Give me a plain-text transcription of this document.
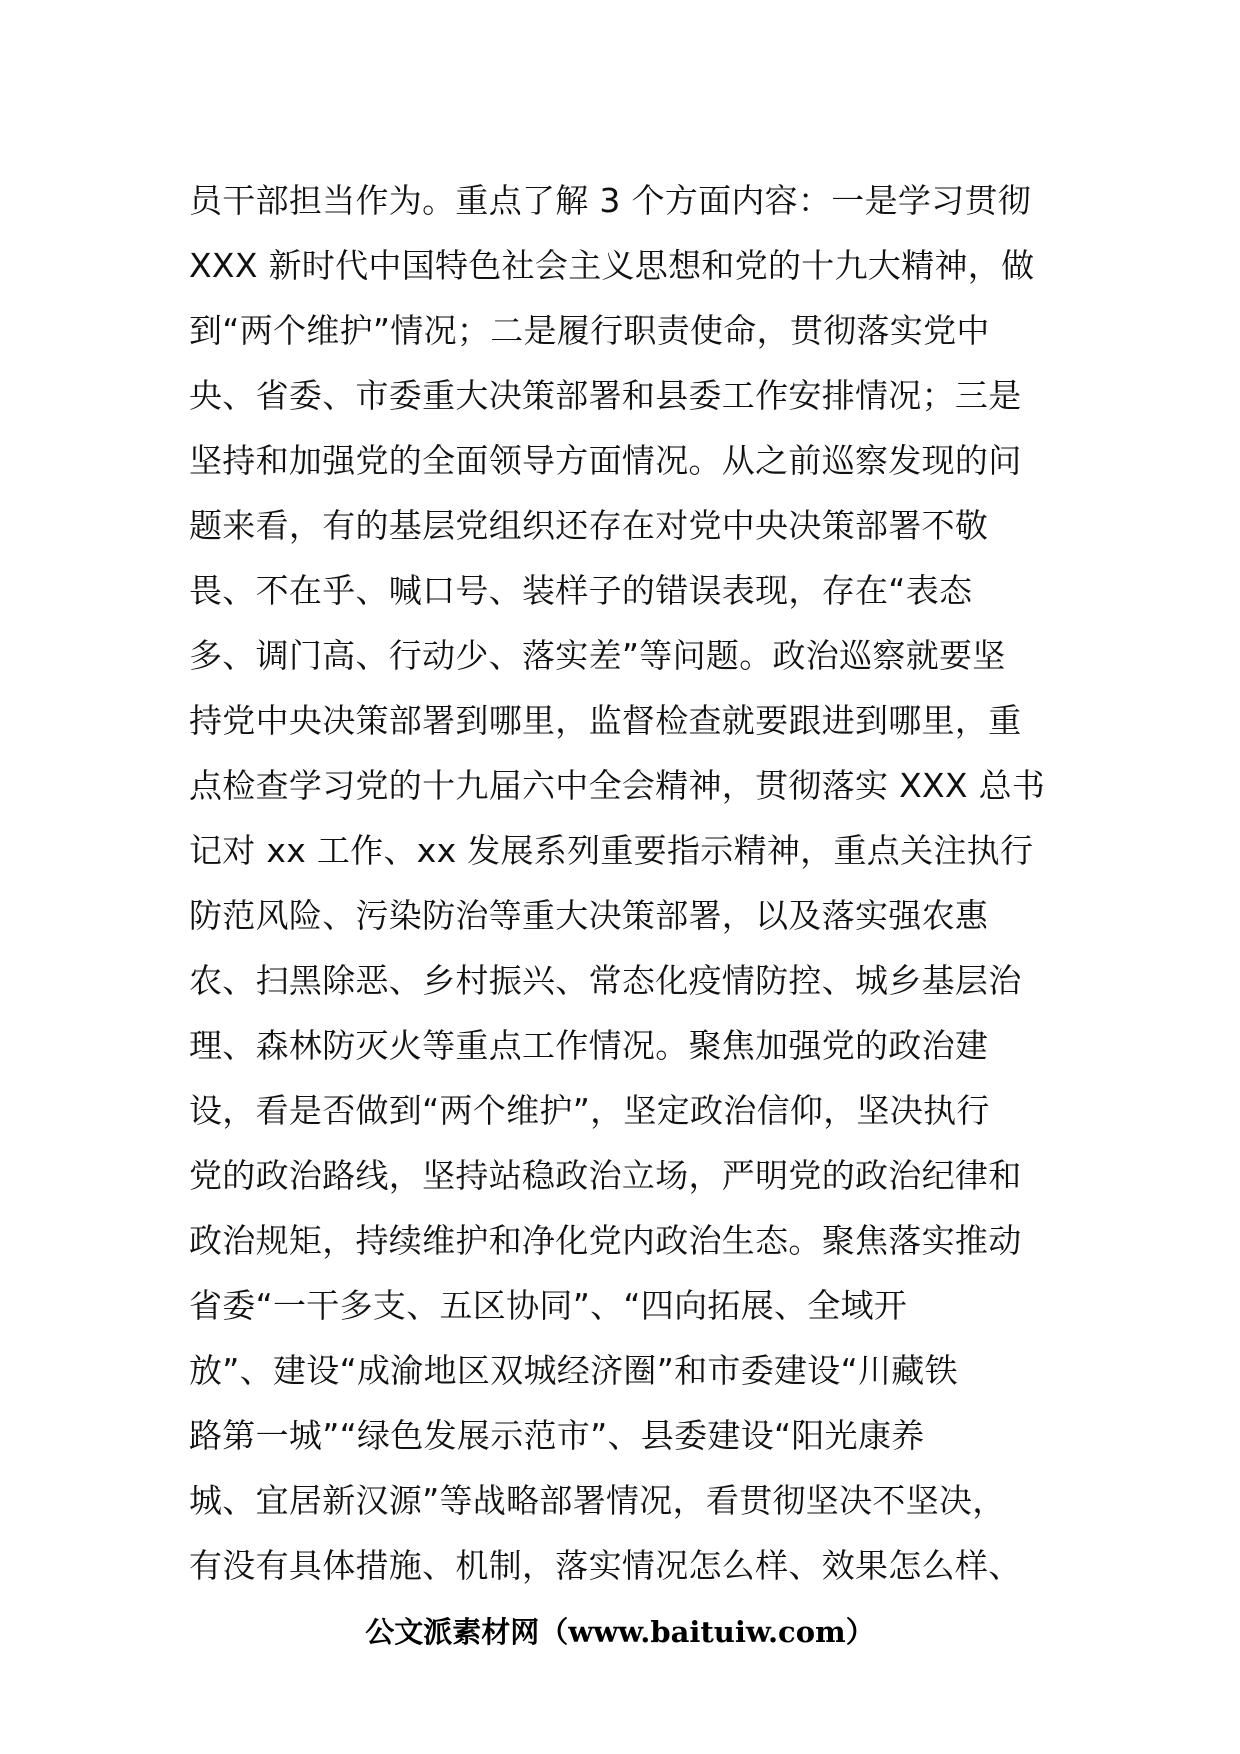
员干部担当作为。重点了解 3 个方面内容：一是学习贯彻
XXX 新时代中国特色社会主义思想和党的十九大精神，做
到“两个维护”情况；二是履行职责使命，贯彻落实党中
央、省委、市委重大决策部署和县委工作安排情况；三是
坚持和加强党的全面领导方面情况。从之前巡察发现的问
题来看，有的基层党组织还存在对党中央决策部署不敬
畏、不在乎、喊口号、装样子的错误表现，存在“表态
多、调门高、行动少、落实差”等问题。政治巡察就要坚
持党中央决策部署到哪里，监督检查就要跟进到哪里，重
点检查学习党的十九届六中全会精神，贯彻落实 XXX 总书
记对 xx 工作、xx 发展系列重要指示精神，重点关注执行
防范风险、污染防治等重大决策部署，以及落实强农惠
农、扫黑除恶、乡村振兴、常态化疫情防控、城乡基层治
理、森林防灭火等重点工作情况。聚焦加强党的政治建
设，看是否做到“两个维护”，坚定政治信仰，坚决执行
党的政治路线，坚持站稳政治立场，严明党的政治纪律和
政治规矩，持续维护和净化党内政治生态。聚焦落实推动
省委“一干多支、五区协同”、“四向拓展、全域开
放”、建设“成渝地区双城经济圈”和市委建设“川藏铁
路第一城”“绿色发展示范市”、县委建设“阳光康养
城、宜居新汉源”等战略部署情况，看贯彻坚决不坚决，
有没有具体措施、机制，落实情况怎么样、效果怎么样、
公文派素材网（www.baituiw.com）
